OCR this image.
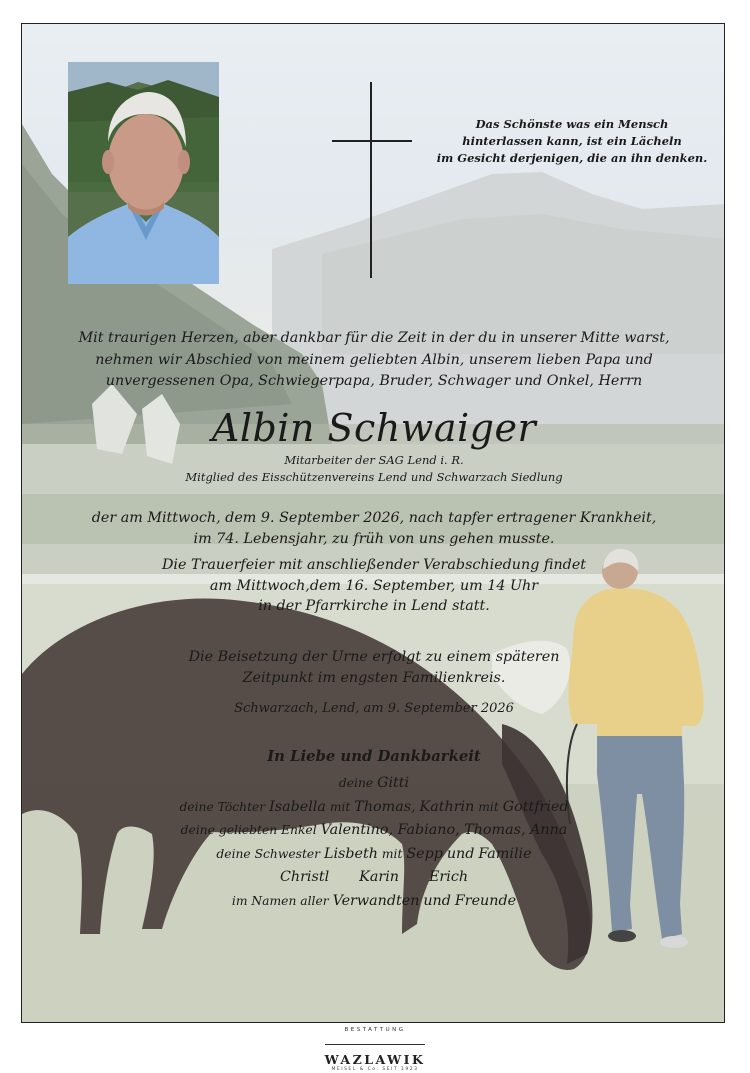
Das Schönste was ein Mensch
hinterlassen kann, ist ein Lächeln
im Gesicht derjenigen, die an ihn denken.
Mit traurigen Herzen, aber dankbar für die Zeit in der du in unserer Mitte warst,
nehmen wir Abschied von meinem geliebten Albin, unserem lieben Papa und
unvergessenen Opa, Schwiegerpapa, Bruder, Schwager und Onkel, Herrn
Albin Schwaiger
Mitarbeiter der SAG Lend i. R.
Mitglied des Eisschützenvereins Lend und Schwarzach Siedlung
der am Mittwoch, dem 9. September 2026, nach tapfer ertragener Krankheit,
im 74. Lebensjahr, zu früh von uns gehen musste.
Die Trauerfeier mit anschließender Verabschiedung findet
am Mittwoch,dem 16. September, um 14 Uhr
in der Pfarrkirche in Lend statt.
Die Beisetzung der Urne erfolgt zu einem späteren
Zeitpunkt im engsten Familienkreis.
Schwarzach, Lend, am 9. September 2026
In Liebe und Dankbarkeit
deine Gitti
deine Töchter Isabella mit Thomas, Kathrin mit Gottfried
deine geliebten Enkel Valentino, Fabiano, Thomas, Anna
deine Schwester Lisbeth mit Sepp und Familie
Christl Karin Erich
im Namen aller Verwandten und Freunde
BESTATTUNG
WAZLAWIK
MEISEL & Co. SEIT 1923
